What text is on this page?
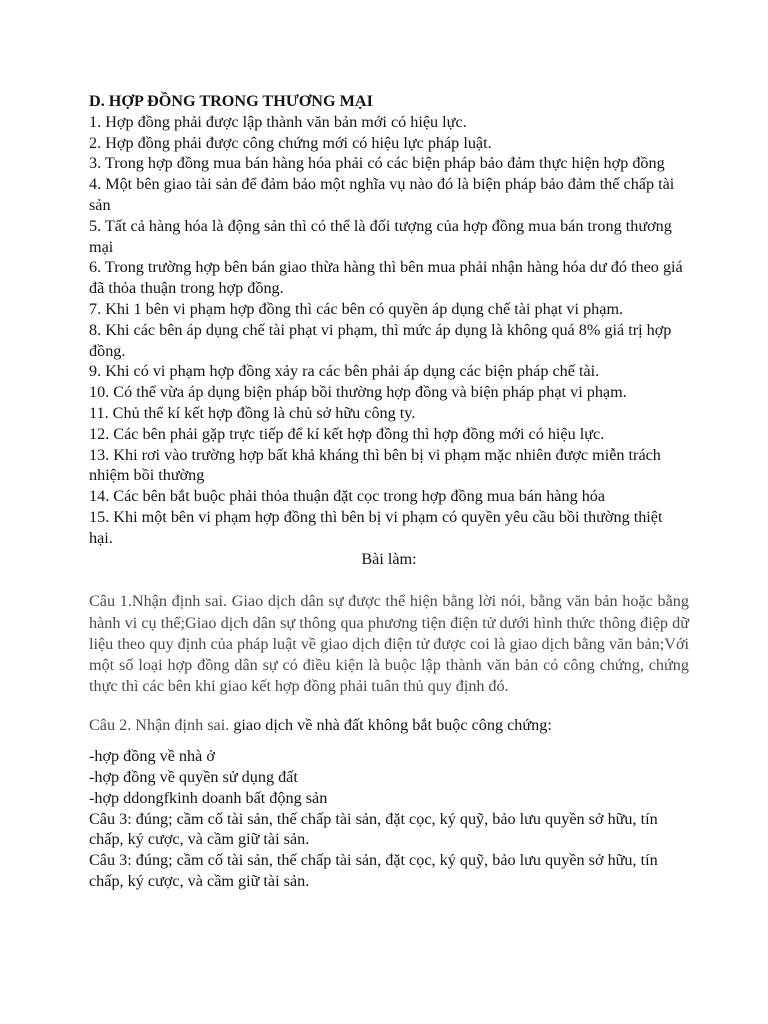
D. HỢP ĐỒNG TRONG THƯƠNG MẠI

1. Hợp đồng phải được lập thành văn bản mới có hiệu lực.

2. Hợp đồng phải được công chứng mới có hiệu lực pháp luật.

3. Trong hợp đồng mua bán hàng hóa phải có các biện pháp bảo đảm thực hiện hợp đồng

4. Một bên giao tài sản để đảm bảo một nghĩa vụ nào đó là biện pháp bảo đảm thế chấp tài sản

5. Tất cả hàng hóa là động sản thì có thể là đối tượng của hợp đồng mua bán trong thương mại

6. Trong trường hợp bên bán giao thừa hàng thì bên mua phải nhận hàng hóa dư đó theo giá đã thỏa thuận trong hợp đồng.

7. Khi 1 bên vi phạm hợp đồng thì các bên có quyền áp dụng chế tài phạt vi phạm.

8. Khi các bên áp dụng chế tài phạt vi phạm, thì mức áp dụng là không quá 8% giá trị hợp đồng.

9. Khi có vi phạm hợp đồng xảy ra các bên phải áp dụng các biện pháp chế tài.

10. Có thể vừa áp dụng biện pháp bồi thường hợp đồng và biện pháp phạt vi phạm.

11. Chủ thể kí kết hợp đồng là chủ sở hữu công ty.

12. Các bên phải gặp trực tiếp để kí kết hợp đồng thì hợp đồng mới có hiệu lực.

13. Khi rơi vào trường hợp bất khả kháng thì bên bị vi phạm mặc nhiên được miễn trách nhiệm bồi thường

14. Các bên bắt buộc phải thỏa thuận đặt cọc trong hợp đồng mua bán hàng hóa

15. Khi một bên vi phạm hợp đồng thì bên bị vi phạm có quyền yêu cầu bồi thường thiệt hại.

Bài làm:

Câu 1.Nhận định sai. Giao dịch dân sự được thể hiện bằng lời nói, bằng văn bản hoặc bằng hành vi cụ thể;Giao dịch dân sự thông qua phương tiện điện tử dưới hình thức thông điệp dữ liệu theo quy định của pháp luật về giao dịch điện tử được coi là giao dịch bằng văn bản;Với một số loại hợp đồng dân sự có điều kiện là buộc lập thành văn bản có công chứng, chứng thực thì các bên khi giao kết hợp đồng phải tuân thủ quy định đó.

Câu 2. Nhận định sai. giao dịch về nhà đất không bắt buộc công chứng:

-hợp đồng về nhà ở

-hợp đồng về quyền sử dụng đất

-hợp ddongfkinh doanh bất động sản

Câu 3: đúng; cầm cố tài sản, thế chấp tài sản, đặt cọc, ký quỹ, bảo lưu quyền sở hữu, tín chấp, ký cược, và cầm giữ tài sản.

Câu 3: đúng; cầm cố tài sản, thế chấp tài sản, đặt cọc, ký quỹ, bảo lưu quyền sở hữu, tín chấp, ký cược, và cầm giữ tài sản.
